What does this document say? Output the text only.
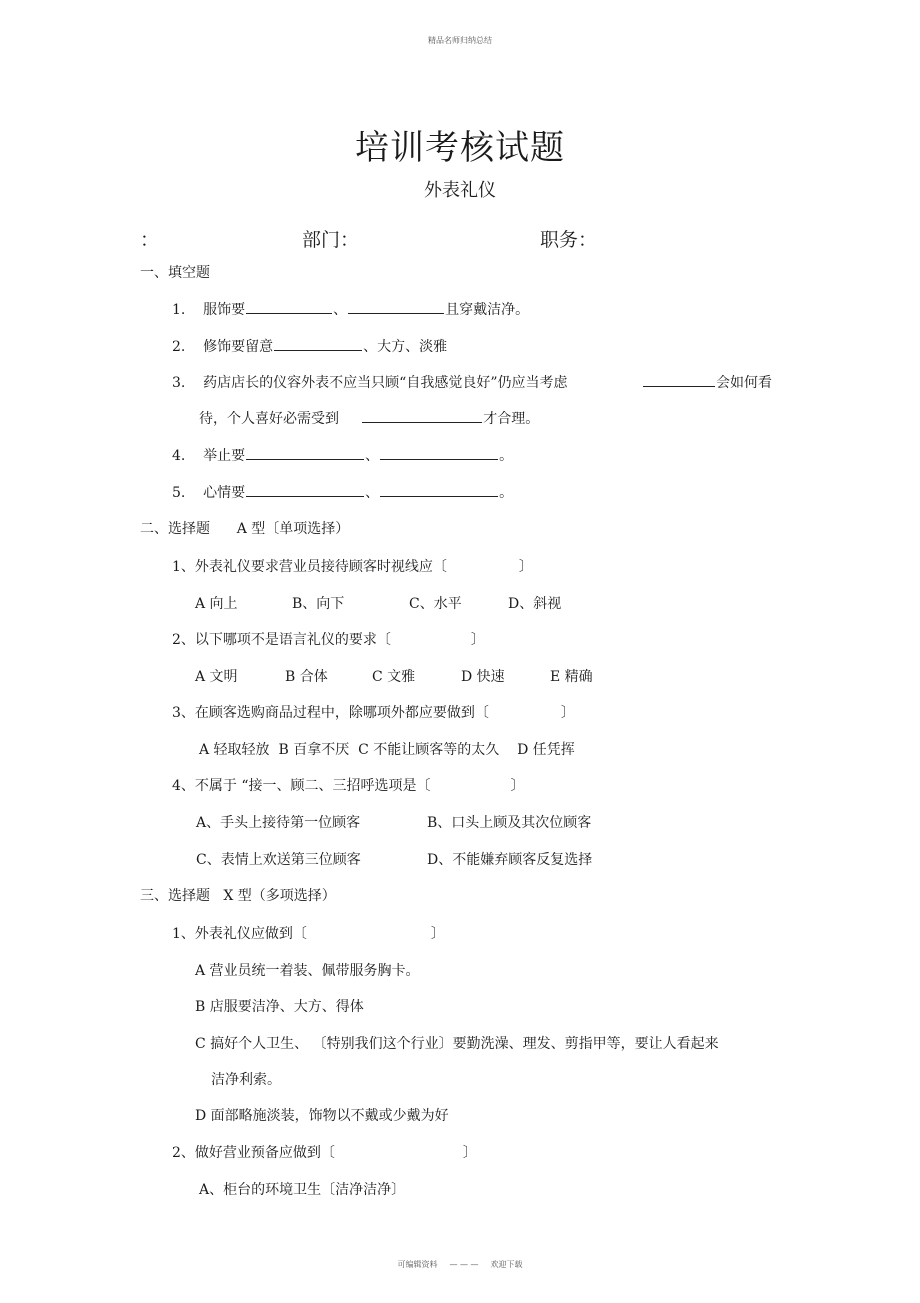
精品名师归纳总结
培训考核试题
外表礼仪
：	部门：	职务：
一、填空题
1. 服饰要	、	且穿戴洁净。
2. 修饰要留意	、大方、淡雅
3. 药店店长的仪容外表不应当只顾“自我感觉良好”仍应当考虑	会如何看
待，个人喜好必需受到	才合理。
4. 举止要	、	。
5. 心情要	、	。
二、选择题 A 型〔单项选择）
1、外表礼仪要求营业员接待顾客时视线应〔	〕
A 向上	B、向下	C、水平	D、斜视
2、以下哪项不是语言礼仪的要求〔	〕
A 文明	B 合体	C 文雅	D 快速	E 精确
3、在顾客选购商品过程中，除哪项外都应要做到〔	〕
A 轻取轻放 B 百拿不厌 C 不能让顾客等的太久 D 任凭挥
4、不属于 “接一、顾二、三招呼选项是〔	〕
A、手头上接待第一位顾客	B、口头上顾及其次位顾客
C、表情上欢送第三位顾客	D、不能嫌弃顾客反复选择
三、选择题 X 型（多项选择）
1、外表礼仪应做到〔	〕
A 营业员统一着装、佩带服务胸卡。
B 店服要洁净、大方、得体
C 搞好个人卫生、 〔特别我们这个行业〕要勤洗澡、理发、剪指甲等，要让人看起来
洁净利索。
D 面部略施淡装，饰物以不戴或少戴为好
2、做好营业预备应做到〔	〕
A、柜台的环境卫生〔洁净洁净〕
可编辑资料 — — — 欢迎下载
